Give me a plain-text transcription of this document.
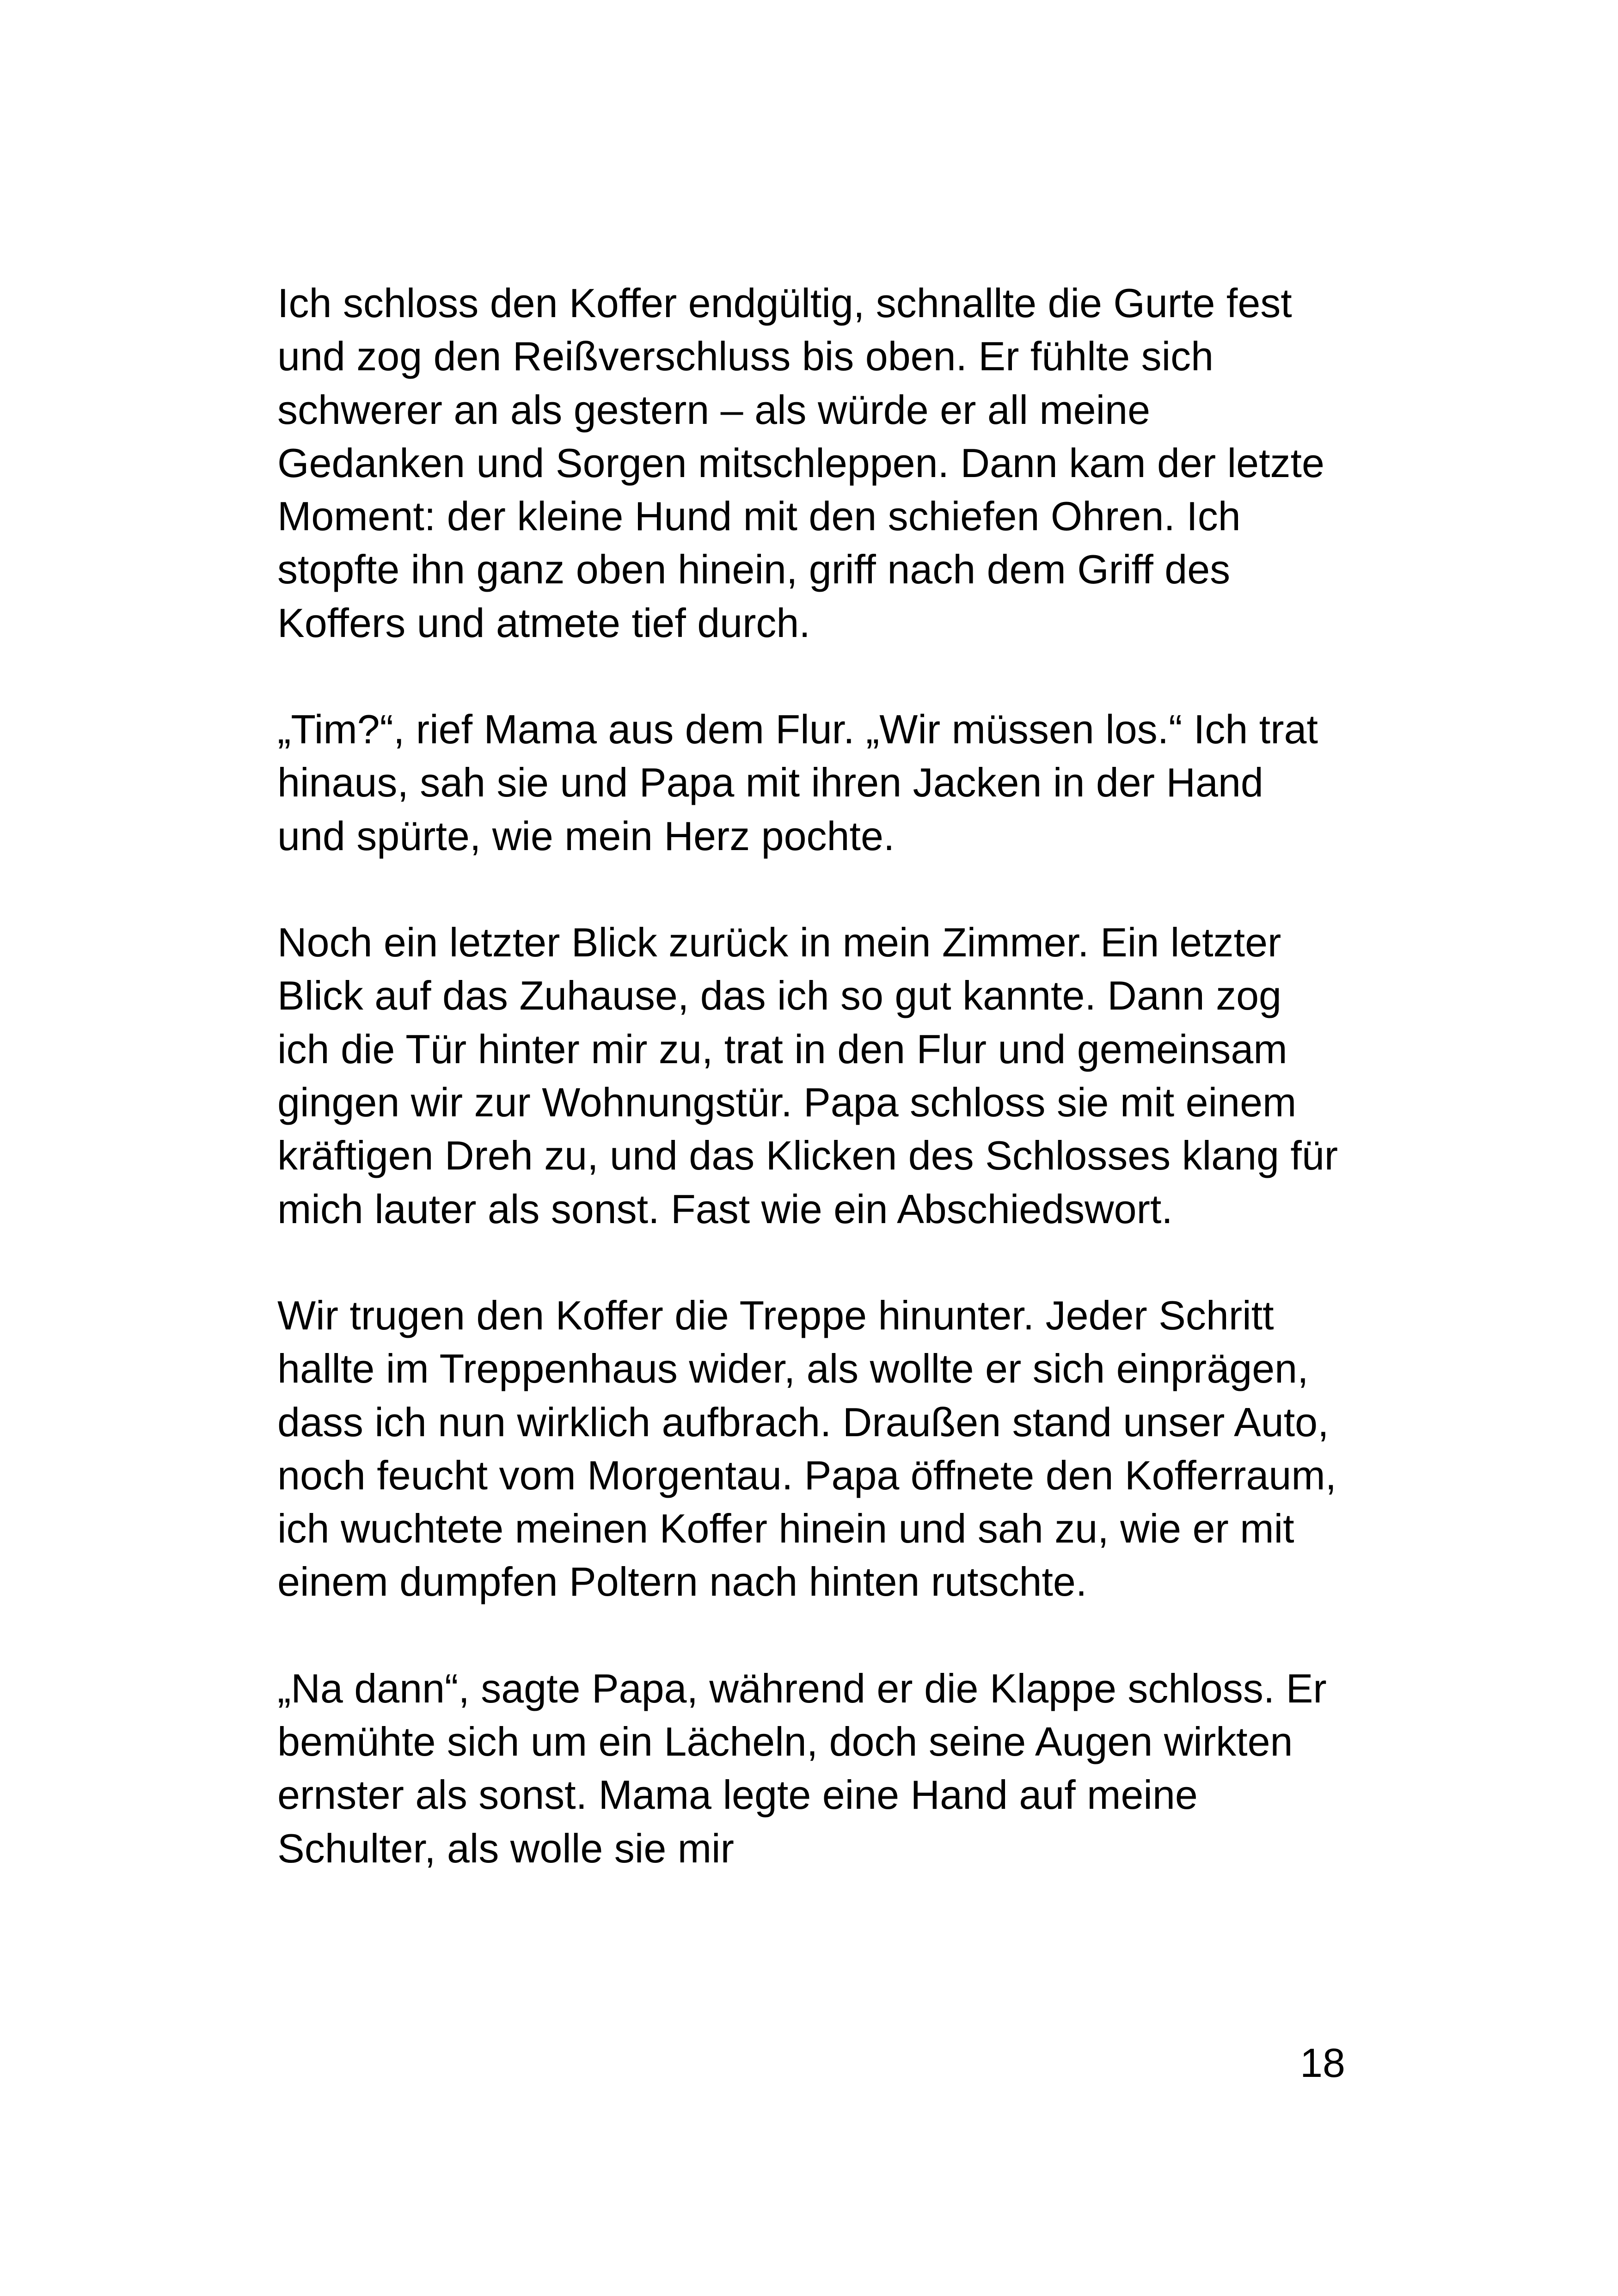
Ich schloss den Koffer endgültig, schnallte die Gurte fest und zog den Reißverschluss bis oben. Er fühlte sich schwerer an als gestern – als würde er all meine Gedanken und Sorgen mitschleppen. Dann kam der letzte Moment: der kleine Hund mit den schiefen Ohren. Ich stopfte ihn ganz oben hinein, griff nach dem Griff des Koffers und atmete tief durch.

„Tim?“, rief Mama aus dem Flur. „Wir müssen los.“ Ich trat hinaus, sah sie und Papa mit ihren Jacken in der Hand und spürte, wie mein Herz pochte.

Noch ein letzter Blick zurück in mein Zimmer. Ein letzter Blick auf das Zuhause, das ich so gut kannte. Dann zog ich die Tür hinter mir zu, trat in den Flur und gemeinsam gingen wir zur Wohnungstür. Papa schloss sie mit einem kräftigen Dreh zu, und das Klicken des Schlosses klang für mich lauter als sonst. Fast wie ein Abschiedswort.

Wir trugen den Koffer die Treppe hinunter. Jeder Schritt hallte im Treppenhaus wider, als wollte er sich einprägen, dass ich nun wirklich aufbrach. Draußen stand unser Auto, noch feucht vom Morgentau. Papa öffnete den Kofferraum, ich wuchtete meinen Koffer hinein und sah zu, wie er mit einem dumpfen Poltern nach hinten rutschte.

„Na dann“, sagte Papa, während er die Klappe schloss. Er bemühte sich um ein Lächeln, doch seine Augen wirkten ernster als sonst. Mama legte eine Hand auf meine Schulter, als wolle sie mir

18
